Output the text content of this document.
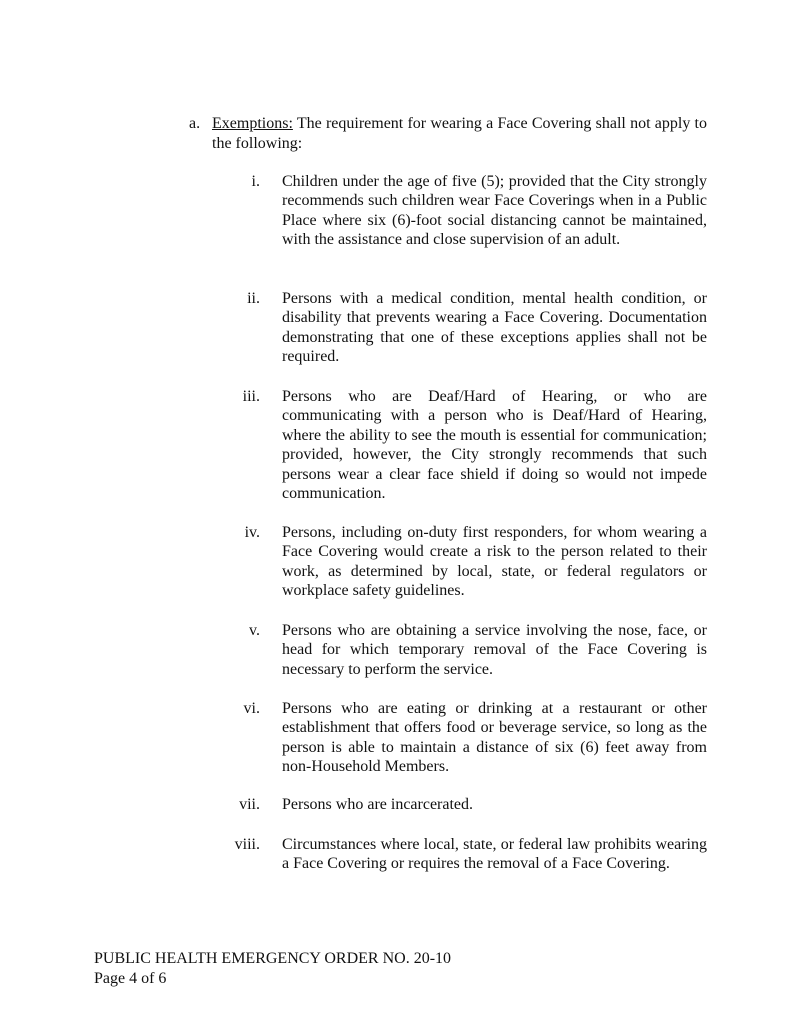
a. Exemptions: The requirement for wearing a Face Covering shall not apply to the following:
i. Children under the age of five (5); provided that the City strongly recommends such children wear Face Coverings when in a Public Place where six (6)-foot social distancing cannot be maintained, with the assistance and close supervision of an adult.
ii. Persons with a medical condition, mental health condition, or disability that prevents wearing a Face Covering. Documentation demonstrating that one of these exceptions applies shall not be required.
iii. Persons who are Deaf/Hard of Hearing, or who are communicating with a person who is Deaf/Hard of Hearing, where the ability to see the mouth is essential for communication; provided, however, the City strongly recommends that such persons wear a clear face shield if doing so would not impede communication.
iv. Persons, including on-duty first responders, for whom wearing a Face Covering would create a risk to the person related to their work, as determined by local, state, or federal regulators or workplace safety guidelines.
v. Persons who are obtaining a service involving the nose, face, or head for which temporary removal of the Face Covering is necessary to perform the service.
vi. Persons who are eating or drinking at a restaurant or other establishment that offers food or beverage service, so long as the person is able to maintain a distance of six (6) feet away from non-Household Members.
vii. Persons who are incarcerated.
viii. Circumstances where local, state, or federal law prohibits wearing a Face Covering or requires the removal of a Face Covering.
PUBLIC HEALTH EMERGENCY ORDER NO. 20-10
Page 4 of 6
